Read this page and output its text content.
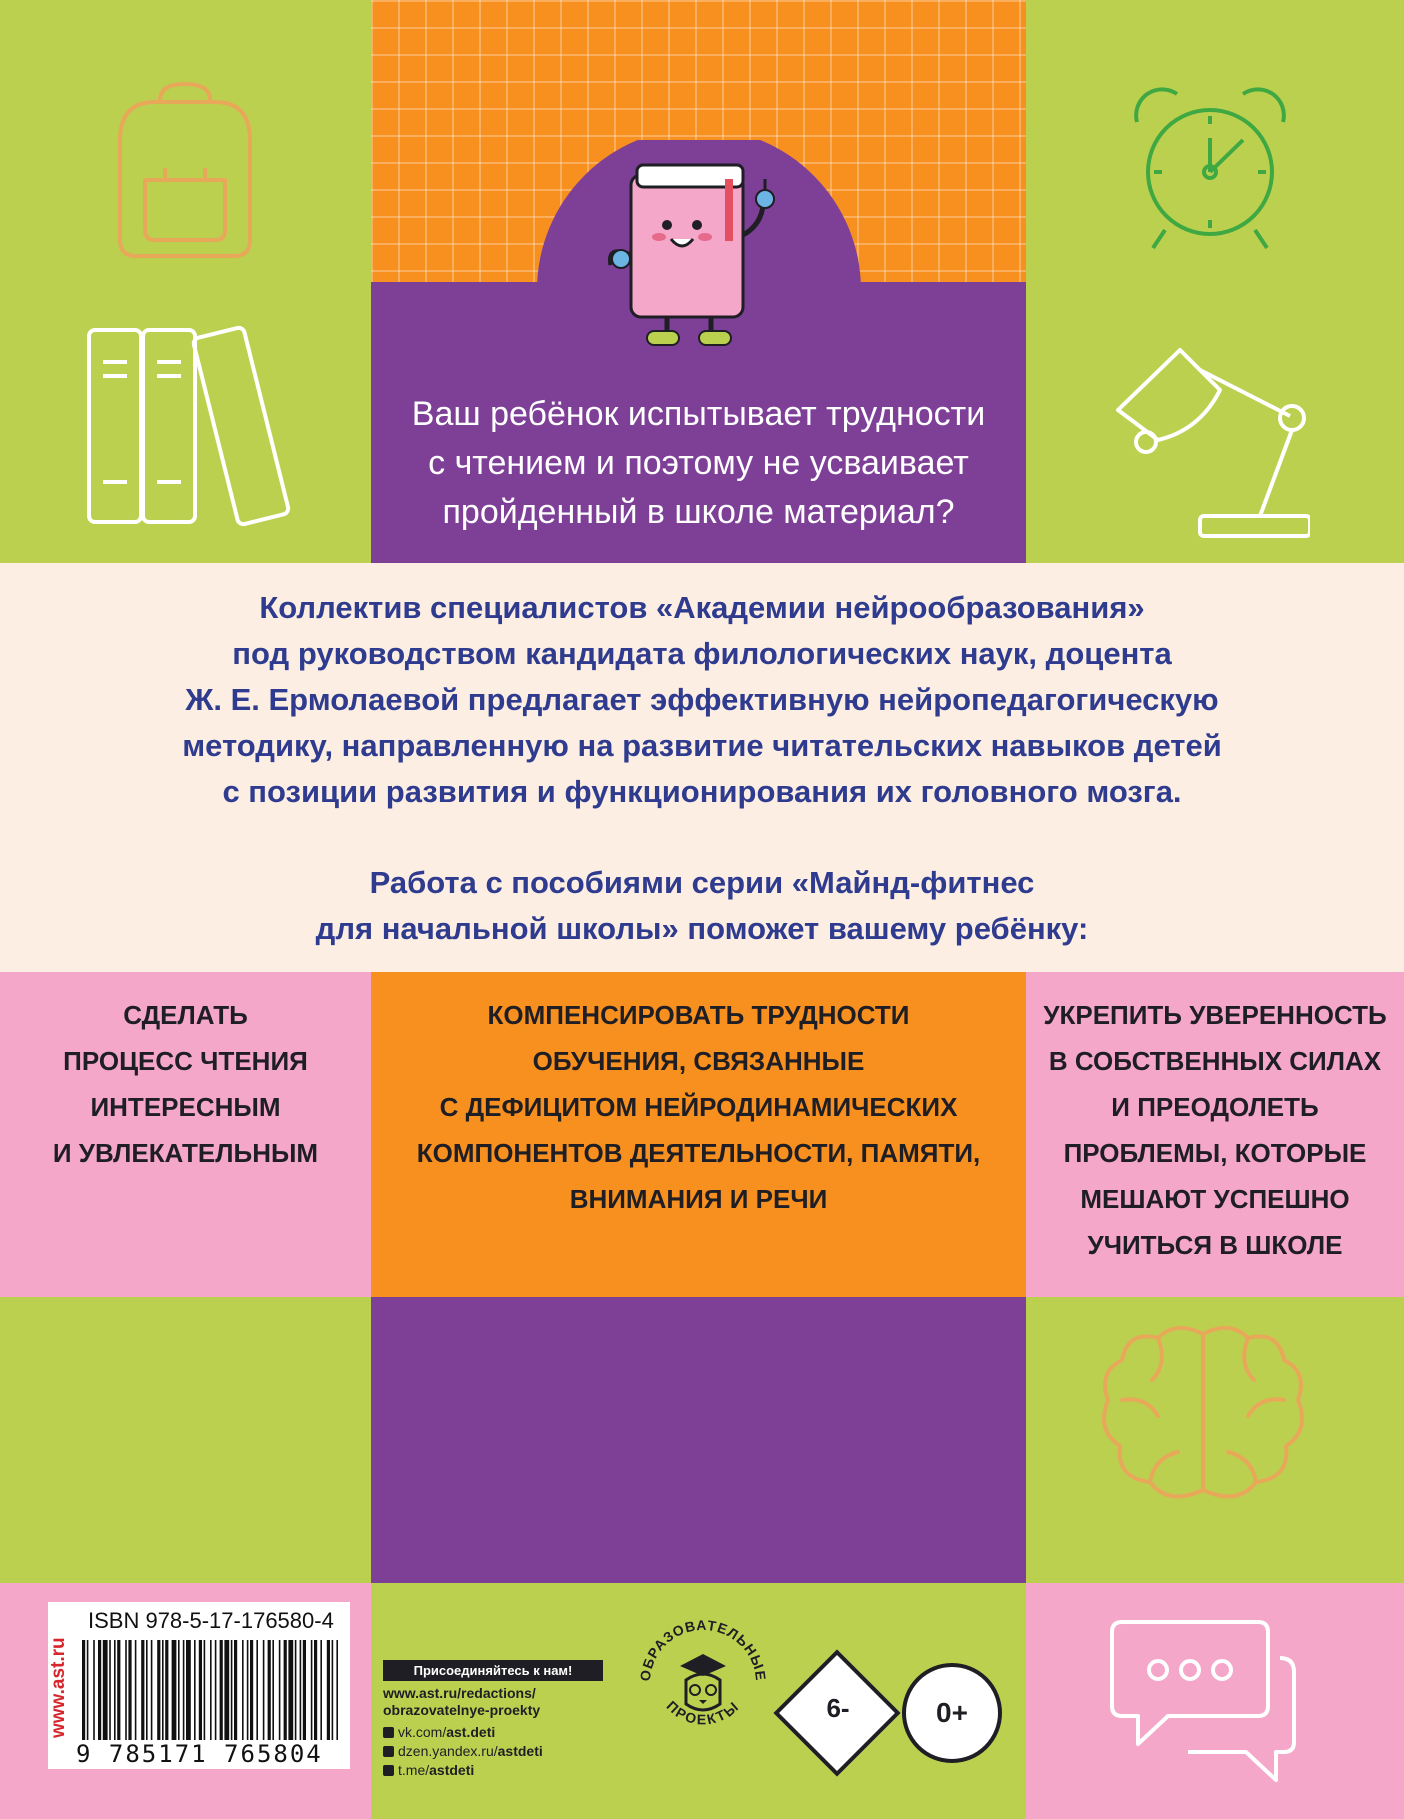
Ваш ребёнок испытывает трудности
с чтением и поэтому не усваивает
пройденный в школе материал?
Коллектив специалистов «Академии нейрообразования»
под руководством кандидата филологических наук, доцента
Ж. Е. Ермолаевой предлагает эффективную нейропедагогическую
методику, направленную на развитие читательских навыков детей
с позиции развития и функционирования их головного мозга.
Работа с пособиями серии «Майнд-фитнес
для начальной школы» поможет вашему ребёнку:
СДЕЛАТЬ
ПРОЦЕСС ЧТЕНИЯ
ИНТЕРЕСНЫМ
И УВЛЕКАТЕЛЬНЫМ
КОМПЕНСИРОВАТЬ ТРУДНОСТИ
ОБУЧЕНИЯ, СВЯЗАННЫЕ
С ДЕФИЦИТОМ НЕЙРОДИНАМИЧЕСКИХ
КОМПОНЕНТОВ ДЕЯТЕЛЬНОСТИ, ПАМЯТИ,
ВНИМАНИЯ И РЕЧИ
УКРЕПИТЬ УВЕРЕННОСТЬ
В СОБСТВЕННЫХ СИЛАХ
И ПРЕОДОЛЕТЬ
ПРОБЛЕМЫ, КОТОРЫЕ
МЕШАЮТ УСПЕШНО
УЧИТЬСЯ В ШКОЛЕ
www.ast.ru
ISBN 978-5-17-176580-4
9 785171 765804
Присоединяйтесь к нам!
www.ast.ru/redactions/
obrazovatelnye-proekty
vk.com/ ast.deti
dzen.yandex.ru/ astdeti
t.me/ astdeti
ОБРАЗОВАТЕЛЬНЫЕ
ПРОЕКТЫ	6-	0+
